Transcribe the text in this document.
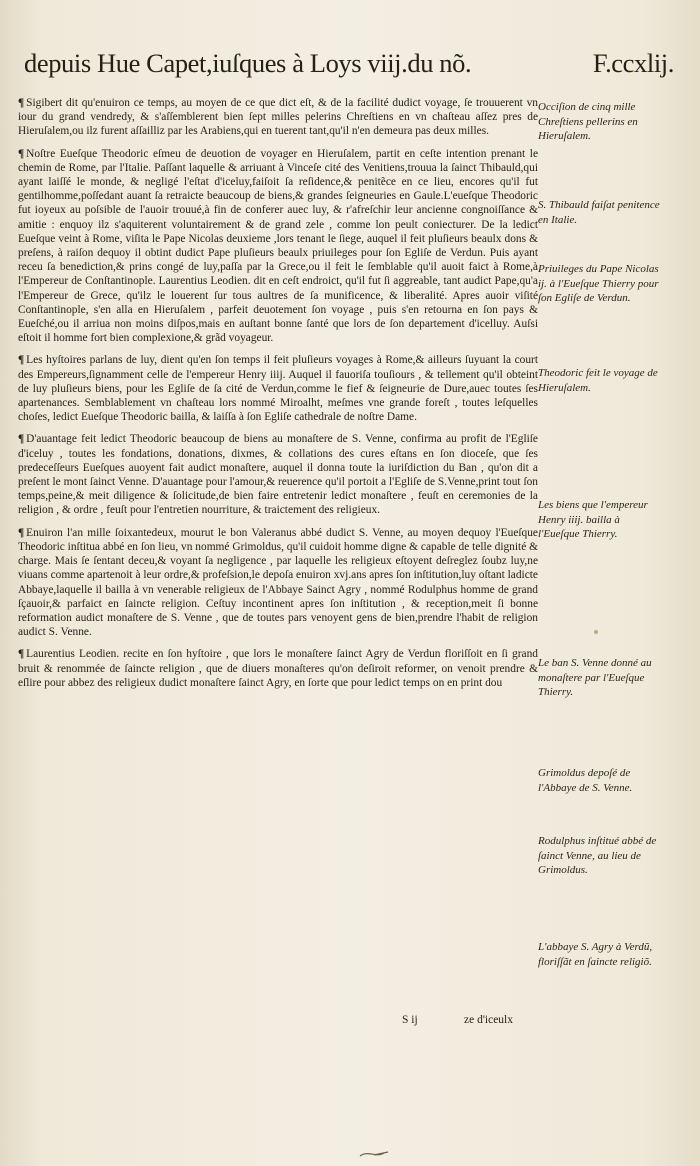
depuis Hue Capet,iuſques à Loys viij.du nõ.	F.ccxlij.

¶ Sigibert dit qu'enuiron ce temps, au moyen de ce que dict eſt, & de la facilité dudict voyage, ſe trouuerent vn iour du grand vendredy, & s'aſſemblerent bien ſept milles pelerins Chreſtiens en vn chaſteau aſſez pres de Hieruſalem,ou ilz furent aſſailliz par les Arabiens,qui en tuerent tant,qu'il n'en demeura pas deux milles.

¶ Noſtre Eueſque Theodoric eſmeu de deuotion de voyager en Hieruſalem, partit en ceſte intention prenant le chemin de Rome, par l'Italie. Paſſant laquelle & arriuant à Vinceſe cité des Venitiens,trouua la ſainct Thibauld,qui ayant laiſſé le monde, & negligé l'eſtat d'iceluy,faiſoit ſa reſidence,& penitẽce en ce lieu, encores qu'il fut gentilhomme,poſſedant auant ſa retraicte beaucoup de biens,& grandes ſeigneuries en Gaule.L'eueſque Theodoric fut ioyeux au poſsible de l'auoir trouué,à fin de conferer auec luy, & r'afreſchir leur ancienne congnoiſſance & amitie : enquoy ilz s'aquiterent voluntairement & de grand zele , comme lon peult coniecturer. De la ledict Eueſque veint à Rome, viſita le Pape Nicolas deuxieme ,lors tenant le ſiege, auquel il feit pluſieurs beaulx dons & preſens, à raiſon dequoy il obtint dudict Pape pluſieurs beaulx priuileges pour ſon Egliſe de Verdun. Puis ayant receu ſa benediction,& prins congé de luy,paſſa par la Grece,ou il feit le ſemblable qu'il auoit faict à Rome,à l'Empereur de Conſtantinople. Laurentius Leodien. dit en ceſt endroict, qu'il fut ſi aggreable, tant audict Pape,qu'a l'Empereur de Grece, qu'ilz le louerent ſur tous aultres de ſa munificence, & liberalité. Apres auoir viſité Conſtantinople, s'en alla en Hieruſalem , parfeit deuotement ſon voyage , puis s'en retourna en ſon pays & Eueſché,ou il arriua non moins diſpos,mais en auſtant bonne ſanté que lors de ſon departement d'icelluy. Auſsi eſtoit il homme fort bien complexione,& grãd voyageur.

¶ Les hyſtoires parlans de luy, dient qu'en ſon temps il feit pluſieurs voyages à Rome,& ailleurs ſuyuant la court des Empereurs,ſignamment celle de l'empereur Henry iiij. Auquel il fauoriſa touſiours , & tellement qu'il obteint de luy pluſieurs biens, pour les Egliſe de ſa cité de Verdun,comme le fief & ſeigneurie de Dure,auec toutes ſes apartenances. Semblablement vn chaſteau lors nommé Miroalht, meſmes vne grande foreſt , toutes leſquelles choſes, ledict Eueſque Theodoric bailla, & laiſſa à ſon Egliſe cathedrale de noſtre Dame.

¶ D'auantage feit ledict Theodoric beaucoup de biens au monaſtere de S. Venne, confirma au profit de l'Egliſe d'iceluy , toutes les fondations, donations, dixmes, & collations des cures eſtans en ſon dioceſe, que ſes predeceſſeurs Eueſques auoyent fait audict monaſtere, auquel il donna toute la iuriſdiction du Ban , qu'on dit a preſent le mont ſainct Venne. D'auantage pour l'amour,& reuerence qu'il portoit a l'Egliſe de S.Venne,print tout ſon temps,peine,& meit diligence & ſolicitude,de bien faire entretenir ledict monaſtere , feuſt en ceremonies de la religion , & ordre , feuſt pour l'entretien nourriture, & traictement des religieux.

¶ Enuiron l'an mille ſoixantedeux, mourut le bon Valeranus abbé dudict S. Venne, au moyen dequoy l'Eueſque Theodoric inſtitua abbé en ſon lieu, vn nommé Grimoldus, qu'il cuidoit homme digne & capable de telle dignité & charge. Mais ſe ſentant deceu,& voyant ſa negligence , par laquelle les religieux eſtoyent deſreglez ſoubz luy,ne viuans comme apartenoit à leur ordre,& profeſsion,le depoſa enuiron xvj.ans apres ſon inſtitution,luy oſtant ladicte Abbaye,laquelle il bailla à vn venerable religieux de l'Abbaye Sainct Agry , nommé Rodulphus homme de grand ſçauoir,& parfaict en ſaincte religion. Ceſtuy incontinent apres ſon inſtitution , & reception,meit ſi bonne reformation audict monaſtere de S. Venne , que de toutes pars venoyent gens de bien,prendre l'habit de religion audict S. Venne.

¶ Laurentius Leodien. recite en ſon hyſtoire , que lors le monaſtere ſainct Agry de Verdun floriſſoit en ſi grand bruit & renommée de ſaincte religion , que de diuers monaſteres qu'on deſiroit reformer, on venoit prendre & eſlire pour abbez des religieux dudict monaſtere ſainct Agry, en ſorte que pour ledict temps on en print dou

Occiſion de cinq mille Chreſtiens pellerins en Hieruſalem.
S. Thibauld faiſat penitence en Italie.
Priuileges du Pape Nicolas ij. à l'Eueſque Thierry pour ſon Egliſe de Verdun.
Theodoric feit le voyage de Hieruſalem.
Les biens que l'empereur Henry iiij. bailla à l'Eueſque Thierry.
Le ban S. Venne donné au monaſtere par l'Eueſque Thierry.
Grimoldus depoſé de l'Abbaye de S. Venne.
Rodulphus inſtitué abbé de ſainct Venne, au lieu de Grimoldus.
L'abbaye S. Agry à Verdũ, floriſſãt en ſaincte religiõ.
S ij	ze d'iceulx
